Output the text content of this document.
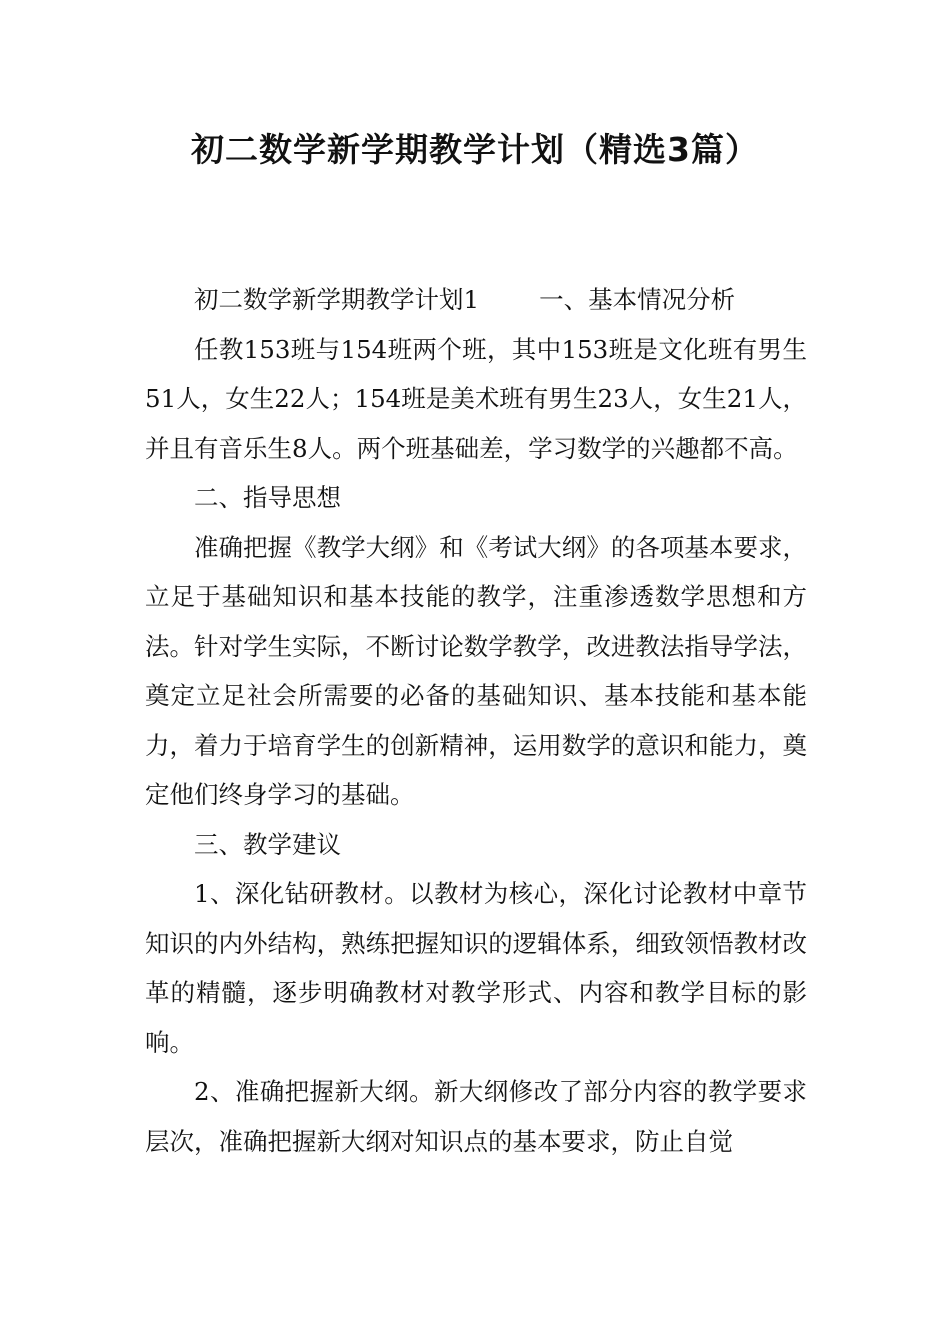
初二数学新学期教学计划（精选3篇）

初二数学新学期教学计划1 一、基本情况分析

任教153班与154班两个班，其中153班是文化班有男生51人，女生22人；154班是美术班有男生23人，女生21人，并且有音乐生8人。两个班基础差，学习数学的兴趣都不高。

二、指导思想

准确把握《教学大纲》和《考试大纲》的各项基本要求，立足于基础知识和基本技能的教学，注重渗透数学思想和方法。针对学生实际，不断讨论数学教学，改进教法指导学法，奠定立足社会所需要的必备的基础知识、基本技能和基本能力，着力于培育学生的创新精神，运用数学的意识和能力，奠定他们终身学习的基础。

三、教学建议

1、深化钻研教材。以教材为核心，深化讨论教材中章节知识的内外结构，熟练把握知识的逻辑体系，细致领悟教材改革的精髓，逐步明确教材对教学形式、内容和教学目标的影响。

2、准确把握新大纲。新大纲修改了部分内容的教学要求层次，准确把握新大纲对知识点的基本要求，防止自觉
